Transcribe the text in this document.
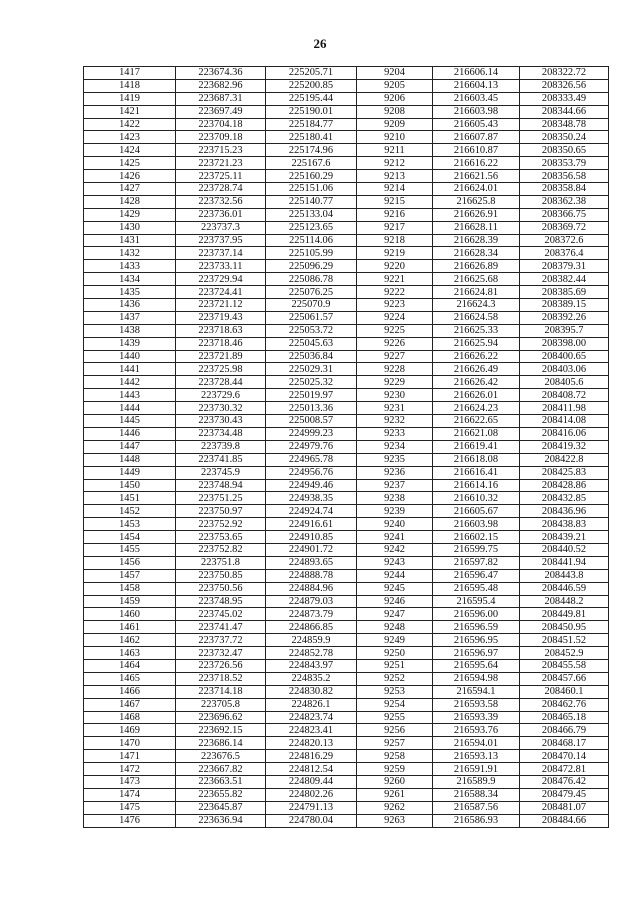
26
1417	223674.36	225205.71	9204	216606.14	208322.72
1418	223682.96	225200.85	9205	216604.13	208326.56
1419	223687.31	225195.44	9206	216603.45	208333.49
1421	223697.49	225190.01	9208	216603.98	208344.66
1422	223704.18	225184.77	9209	216605.43	208348.78
1423	223709.18	225180.41	9210	216607.87	208350.24
1424	223715.23	225174.96	9211	216610.87	208350.65
1425	223721.23	225167.6	9212	216616.22	208353.79
1426	223725.11	225160.29	9213	216621.56	208356.58
1427	223728.74	225151.06	9214	216624.01	208358.84
1428	223732.56	225140.77	9215	216625.8	208362.38
1429	223736.01	225133.04	9216	216626.91	208366.75
1430	223737.3	225123.65	9217	216628.11	208369.72
1431	223737.95	225114.06	9218	216628.39	208372.6
1432	223737.14	225105.99	9219	216628.34	208376.4
1433	223733.11	225096.29	9220	216626.89	208379.31
1434	223729.94	225086.78	9221	216625.68	208382.44
1435	223724.41	225076.25	9222	216624.81	208385.69
1436	223721.12	225070.9	9223	216624.3	208389.15
1437	223719.43	225061.57	9224	216624.58	208392.26
1438	223718.63	225053.72	9225	216625.33	208395.7
1439	223718.46	225045.63	9226	216625.94	208398.00
1440	223721.89	225036.84	9227	216626.22	208400.65
1441	223725.98	225029.31	9228	216626.49	208403.06
1442	223728.44	225025.32	9229	216626.42	208405.6
1443	223729.6	225019.97	9230	216626.01	208408.72
1444	223730.32	225013.36	9231	216624.23	208411.98
1445	223730.43	225008.57	9232	216622.65	208414.08
1446	223734.48	224999.23	9233	216621.08	208416.06
1447	223739.8	224979.76	9234	216619.41	208419.32
1448	223741.85	224965.78	9235	216618.08	208422.8
1449	223745.9	224956.76	9236	216616.41	208425.83
1450	223748.94	224949.46	9237	216614.16	208428.86
1451	223751.25	224938.35	9238	216610.32	208432.85
1452	223750.97	224924.74	9239	216605.67	208436.96
1453	223752.92	224916.61	9240	216603.98	208438.83
1454	223753.65	224910.85	9241	216602.15	208439.21
1455	223752.82	224901.72	9242	216599.75	208440.52
1456	223751.8	224893.65	9243	216597.82	208441.94
1457	223750.85	224888.78	9244	216596.47	208443.8
1458	223750.56	224884.96	9245	216595.48	208446.59
1459	223748.95	224879.03	9246	216595.4	208448.2
1460	223745.02	224873.79	9247	216596.00	208449.81
1461	223741.47	224866.85	9248	216596.59	208450.95
1462	223737.72	224859.9	9249	216596.95	208451.52
1463	223732.47	224852.78	9250	216596.97	208452.9
1464	223726.56	224843.97	9251	216595.64	208455.58
1465	223718.52	224835.2	9252	216594.98	208457.66
1466	223714.18	224830.82	9253	216594.1	208460.1
1467	223705.8	224826.1	9254	216593.58	208462.76
1468	223696.62	224823.74	9255	216593.39	208465.18
1469	223692.15	224823.41	9256	216593.76	208466.79
1470	223686.14	224820.13	9257	216594.01	208468.17
1471	223676.5	224816.29	9258	216593.13	208470.14
1472	223667.82	224812.54	9259	216591.91	208472.81
1473	223663.51	224809.44	9260	216589.9	208476.42
1474	223655.82	224802.26	9261	216588.34	208479.45
1475	223645.87	224791.13	9262	216587.56	208481.07
1476	223636.94	224780.04	9263	216586.93	208484.66
